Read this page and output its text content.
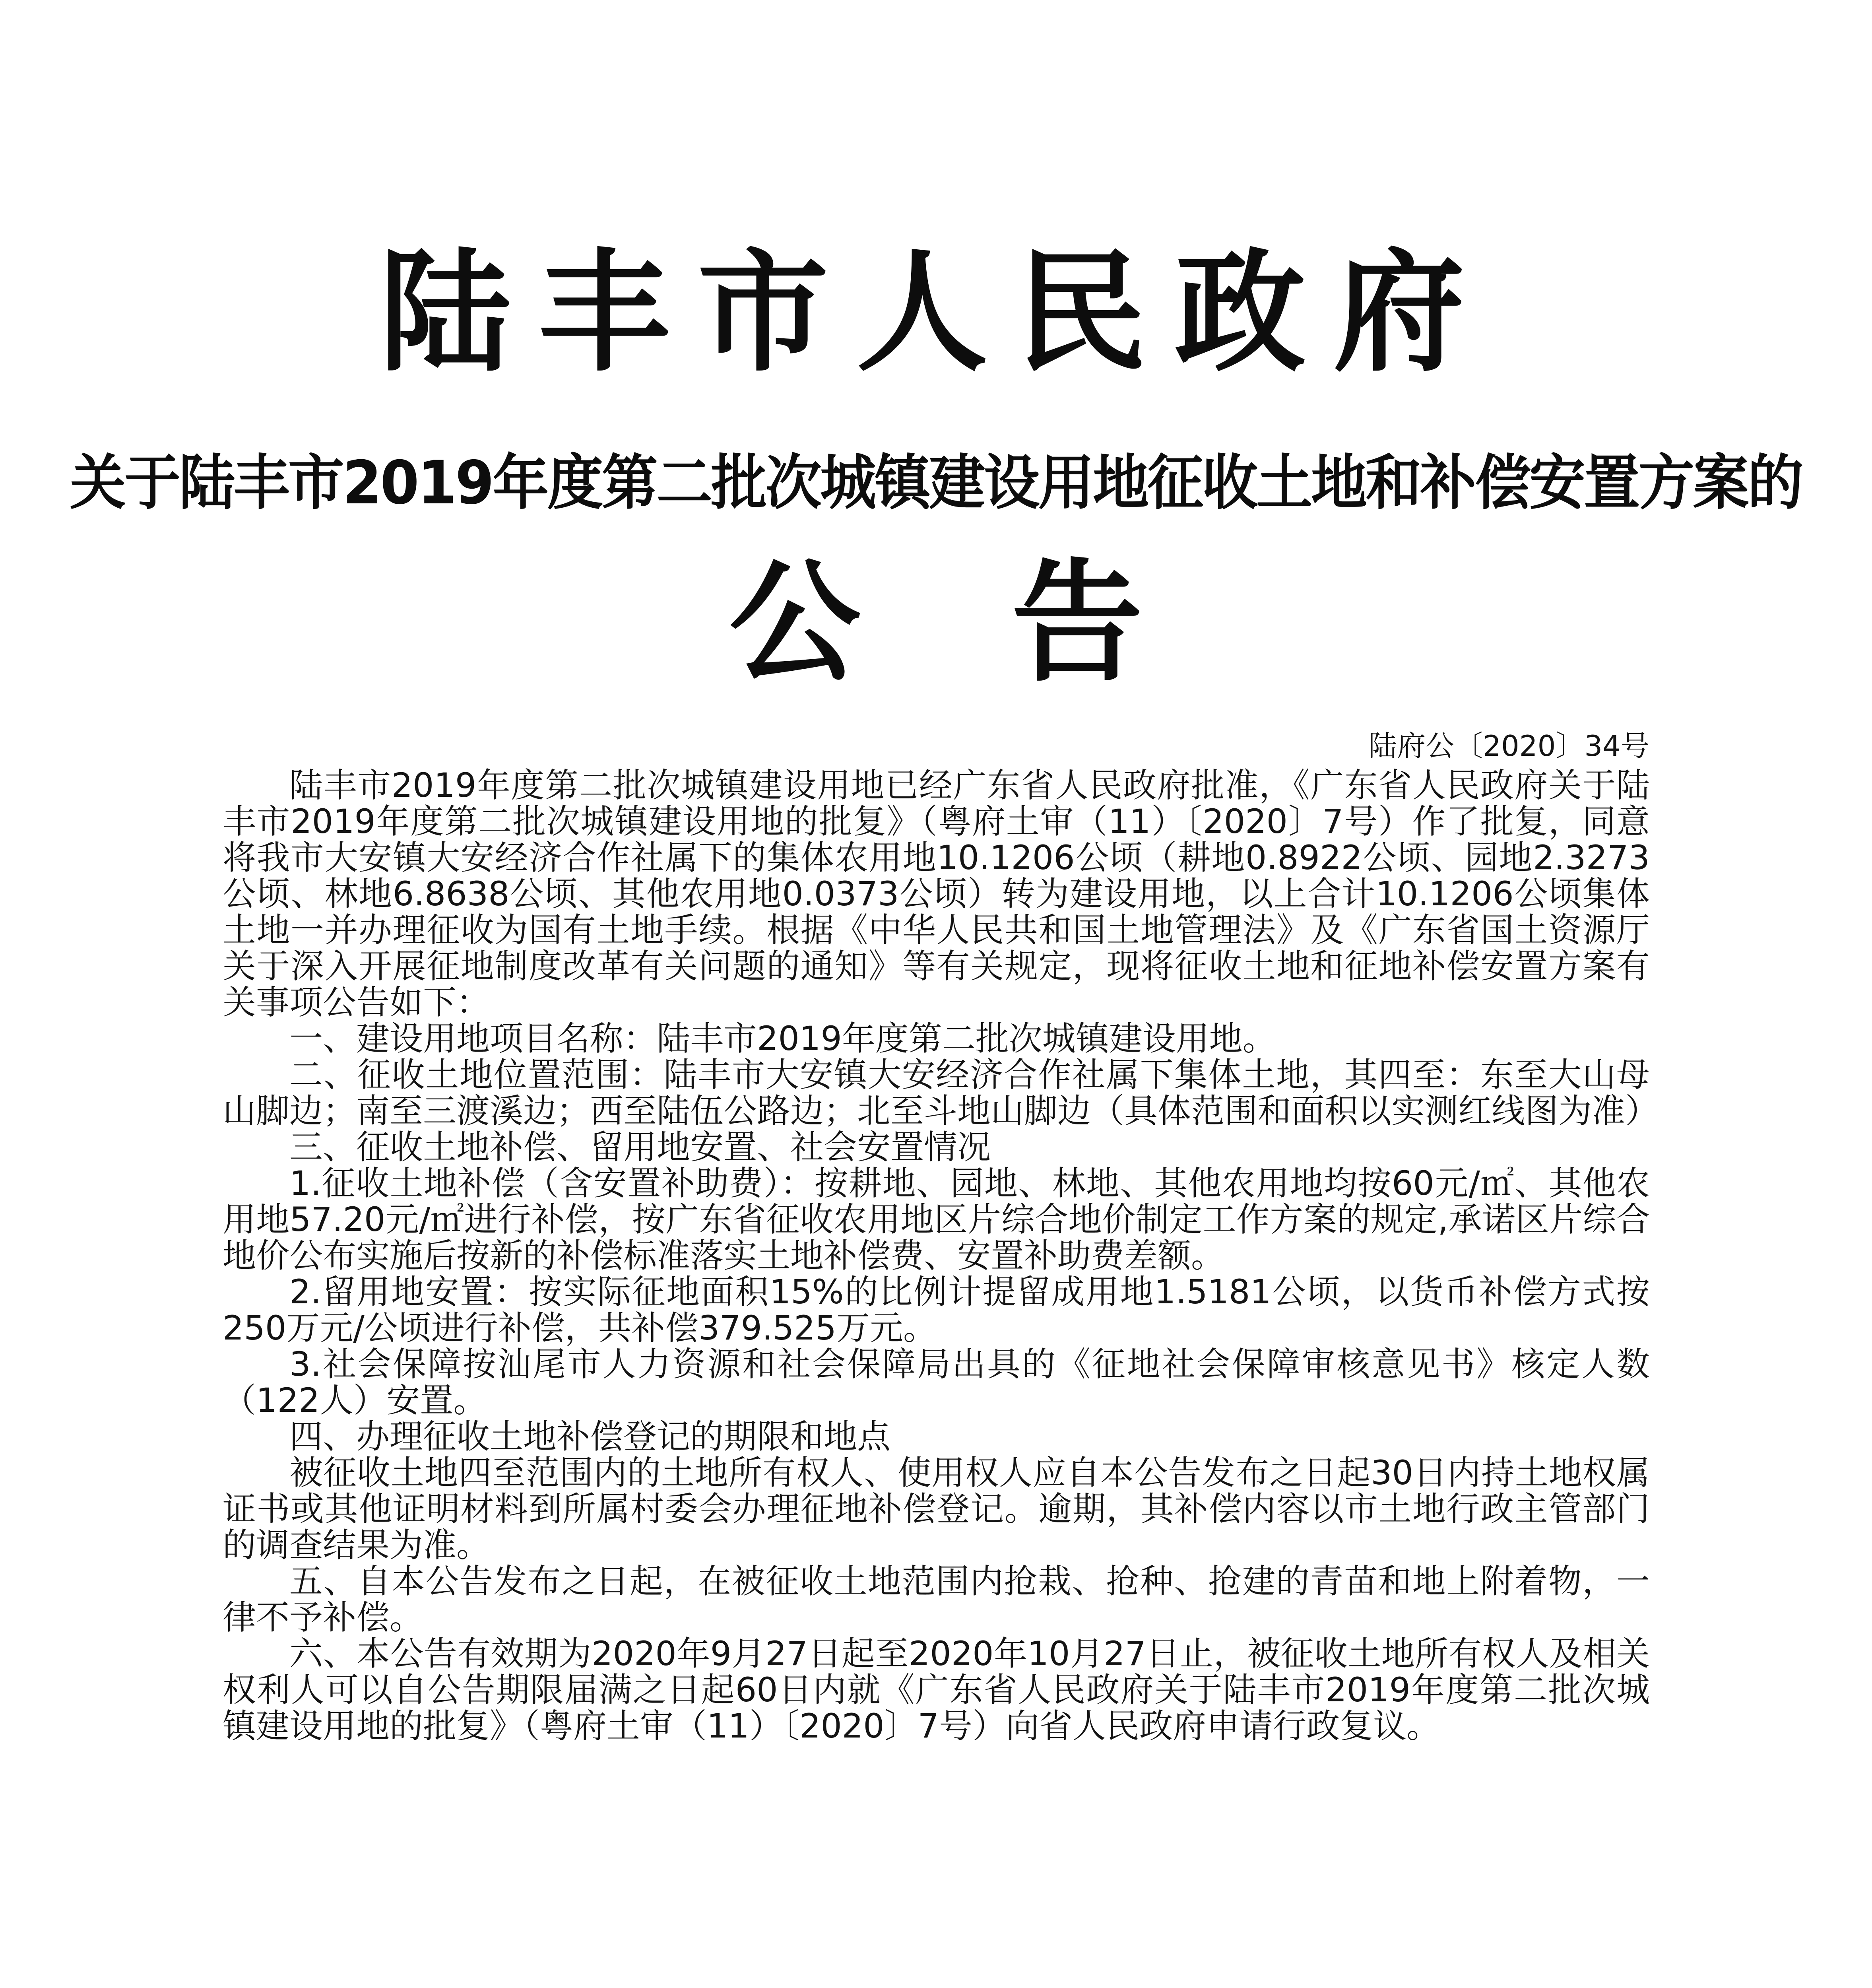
陆丰市人民政府
关于陆丰市2019年度第二批次城镇建设用地征收土地和补偿安置方案的
公告
陆府公〔2020〕34号

陆丰市2019年度第二批次城镇建设用地已经广东省人民政府批准，《广东省人民政府关于陆丰市2019年度第二批次城镇建设用地的批复》（粤府土审（11）〔2020〕7号）作了批复，同意将我市大安镇大安经济合作社属下的集体农用地10.1206公顷（耕地0.8922公顷、园地2.3273公顷、林地6.8638公顷、其他农用地0.0373公顷）转为建设用地，以上合计10.1206公顷集体土地一并办理征收为国有土地手续。根据《中华人民共和国土地管理法》及《广东省国土资源厅关于深入开展征地制度改革有关问题的通知》等有关规定，现将征收土地和征地补偿安置方案有关事项公告如下：

一、建设用地项目名称：陆丰市2019年度第二批次城镇建设用地。

二、征收土地位置范围：陆丰市大安镇大安经济合作社属下集体土地，其四至：东至大山母山脚边；南至三渡溪边；西至陆伍公路边；北至斗地山脚边（具体范围和面积以实测红线图为准）

三、征收土地补偿、留用地安置、社会安置情况

1.征收土地补偿（含安置补助费）：按耕地、园地、林地、其他农用地均按60元/㎡、其他农用地57.20元/㎡进行补偿，按广东省征收农用地区片综合地价制定工作方案的规定,承诺区片综合地价公布实施后按新的补偿标准落实土地补偿费、安置补助费差额。

2.留用地安置：按实际征地面积15%的比例计提留成用地1.5181公顷，以货币补偿方式按250万元/公顷进行补偿，共补偿379.525万元。

3.社会保障按汕尾市人力资源和社会保障局出具的《征地社会保障审核意见书》核定人数（122人）安置。

四、办理征收土地补偿登记的期限和地点

被征收土地四至范围内的土地所有权人、使用权人应自本公告发布之日起30日内持土地权属证书或其他证明材料到所属村委会办理征地补偿登记。逾期，其补偿内容以市土地行政主管部门的调查结果为准。

五、自本公告发布之日起，在被征收土地范围内抢栽、抢种、抢建的青苗和地上附着物，一律不予补偿。

六、本公告有效期为2020年9月27日起至2020年10月27日止，被征收土地所有权人及相关权利人可以自公告期限届满之日起60日内就《广东省人民政府关于陆丰市2019年度第二批次城镇建设用地的批复》（粤府土审（11）〔2020〕7号）向省人民政府申请行政复议。
